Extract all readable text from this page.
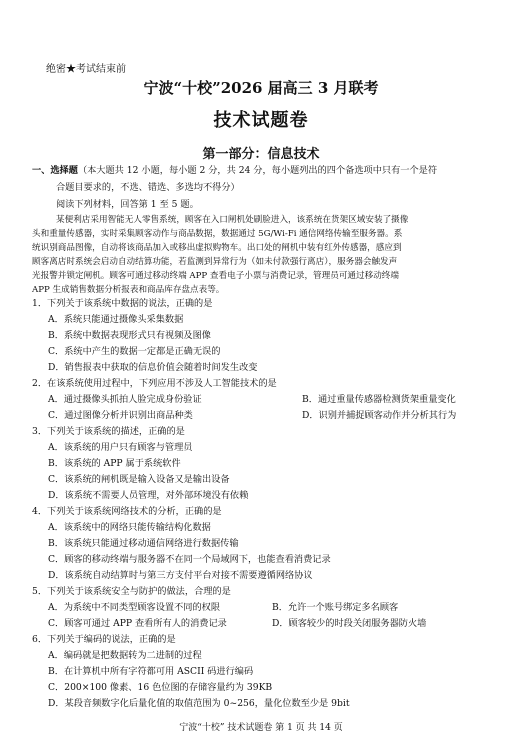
绝密★考试结束前
宁波“十校”2026 届高三 3 月联考
技术试题卷
第一部分：信息技术
一、选择题（本大题共 12 小题，每小题 2 分，共 24 分，每小题列出的四个备选项中只有一个是符
合题目要求的，不选、错选、多选均不得分）
阅读下列材料，回答第 1 至 5 题。
某便利店采用智能无人零售系统，顾客在入口闸机处刷脸进入，该系统在货架区域安装了摄像
头和重量传感器，实时采集顾客动作与商品数据，数据通过 5G/Wi-Fi 通信网络传输至服务器。系
统识别商品图像，自动将该商品加入或移出虚拟购物车。出口处的闸机中装有红外传感器，感应到
顾客离店时系统会启动自动结算功能，若监测到异常行为（如未付款强行离店），服务器会触发声
光报警并锁定闸机。顾客可通过移动终端 APP 查看电子小票与消费记录，管理员可通过移动终端
APP 生成销售数据分析报表和商品库存盘点表等。
1．下列关于该系统中数据的说法，正确的是
A．系统只能通过摄像头采集数据
B．系统中数据表现形式只有视频及图像
C．系统中产生的数据一定都是正确无误的
D．销售报表中获取的信息价值会随着时间发生改变
2．在该系统使用过程中，下列应用不涉及人工智能技术的是
A．通过摄像头抓拍人脸完成身份验证	B．通过重量传感器检测货架重量变化
C．通过图像分析并识别出商品种类	D．识别并捕捉顾客动作并分析其行为
3．下列关于该系统的描述，正确的是
A．该系统的用户只有顾客与管理员
B．该系统的 APP 属于系统软件
C．该系统的闸机既是输入设备又是输出设备
D．该系统不需要人员管理，对外部环境没有依赖
4．下列关于该系统网络技术的分析，正确的是
A．该系统中的网络只能传输结构化数据
B．该系统只能通过移动通信网络进行数据传输
C．顾客的移动终端与服务器不在同一个局域网下，也能查看消费记录
D．该系统自动结算时与第三方支付平台对接不需要遵循网络协议
5．下列关于该系统安全与防护的做法，合理的是
A．为系统中不同类型顾客设置不同的权限	B．允许一个账号绑定多名顾客
C．顾客可通过 APP 查看所有人的消费记录	D．顾客较少的时段关闭服务器防火墙
6．下列关于编码的说法，正确的是
A．编码就是把数据转为二进制的过程
B．在计算机中所有字符都可用 ASCII 码进行编码
C．200×100 像素、16 色位图的存储容量约为 39KB
D．某段音频数字化后量化值的取值范围为 0~256，量化位数至少是 9bit
宁波“十校” 技术试题卷 第 1 页 共 14 页
